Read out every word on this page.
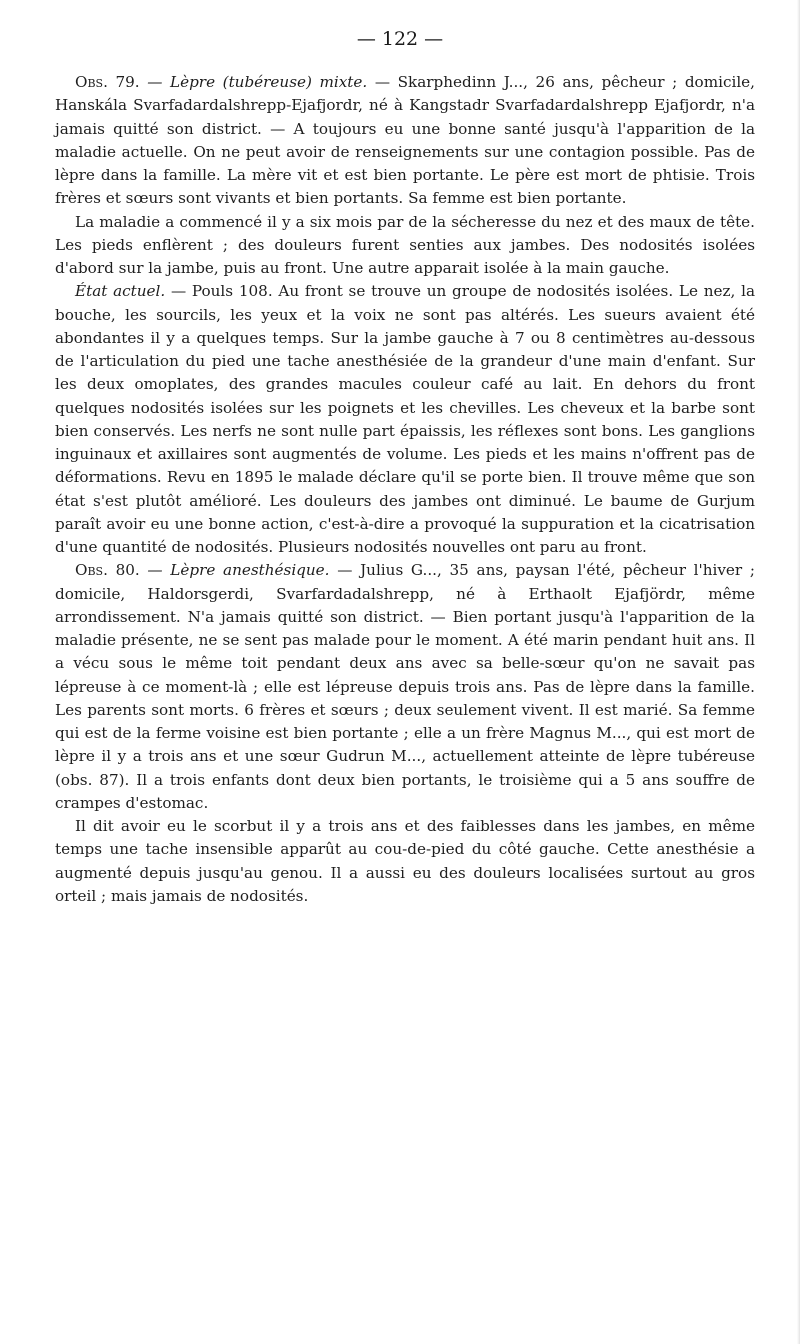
— 122 —

Obs. 79. — Lèpre (tubéreuse) mixte. — Skarphedinn J..., 26 ans, pêcheur ; domicile, Hanskála Svarfadardalshrepp-Ejafjordr, né à Kangstadr Svarfadardalshrepp Ejafjordr, n'a jamais quitté son district. — A toujours eu une bonne santé jusqu'à l'apparition de la maladie actuelle. On ne peut avoir de renseignements sur une contagion possible. Pas de lèpre dans la famille. La mère vit et est bien portante. Le père est mort de phtisie. Trois frères et sœurs sont vivants et bien portants. Sa femme est bien portante.

La maladie a commencé il y a six mois par de la sécheresse du nez et des maux de tête. Les pieds enflèrent ; des douleurs furent senties aux jambes. Des nodosités isolées d'abord sur la jambe, puis au front. Une autre apparait isolée à la main gauche.

État actuel. — Pouls 108. Au front se trouve un groupe de nodosités isolées. Le nez, la bouche, les sourcils, les yeux et la voix ne sont pas altérés. Les sueurs avaient été abondantes il y a quelques temps. Sur la jambe gauche à 7 ou 8 centimètres au-dessous de l'articulation du pied une tache anesthésiée de la grandeur d'une main d'enfant. Sur les deux omoplates, des grandes macules couleur café au lait. En dehors du front quelques nodosités isolées sur les poignets et les chevilles. Les cheveux et la barbe sont bien conservés. Les nerfs ne sont nulle part épaissis, les réflexes sont bons. Les ganglions inguinaux et axillaires sont augmentés de volume. Les pieds et les mains n'offrent pas de déformations. Revu en 1895 le malade déclare qu'il se porte bien. Il trouve même que son état s'est plutôt amélioré. Les douleurs des jambes ont diminué. Le baume de Gurjum paraît avoir eu une bonne action, c'est-à-dire a provoqué la suppuration et la cicatrisation d'une quantité de nodosités. Plusieurs nodosités nouvelles ont paru au front.

Obs. 80. — Lèpre anesthésique. — Julius G..., 35 ans, paysan l'été, pêcheur l'hiver ; domicile, Haldorsgerdi, Svarfardadalshrepp, né à Erthaolt Ejafjördr, même arrondissement. N'a jamais quitté son district. — Bien portant jusqu'à l'apparition de la maladie présente, ne se sent pas malade pour le moment. A été marin pendant huit ans. Il a vécu sous le même toit pendant deux ans avec sa belle-sœur qu'on ne savait pas lépreuse à ce moment-là ; elle est lépreuse depuis trois ans. Pas de lèpre dans la famille. Les parents sont morts. 6 frères et sœurs ; deux seulement vivent. Il est marié. Sa femme qui est de la ferme voisine est bien portante ; elle a un frère Magnus M..., qui est mort de lèpre il y a trois ans et une sœur Gudrun M..., actuellement atteinte de lèpre tubéreuse (obs. 87). Il a trois enfants dont deux bien portants, le troisième qui a 5 ans souffre de crampes d'estomac.

Il dit avoir eu le scorbut il y a trois ans et des faiblesses dans les jambes, en même temps une tache insensible apparût au cou-de-pied du côté gauche. Cette anesthésie a augmenté depuis jusqu'au genou. Il a aussi eu des douleurs localisées surtout au gros orteil ; mais jamais de nodosités.
